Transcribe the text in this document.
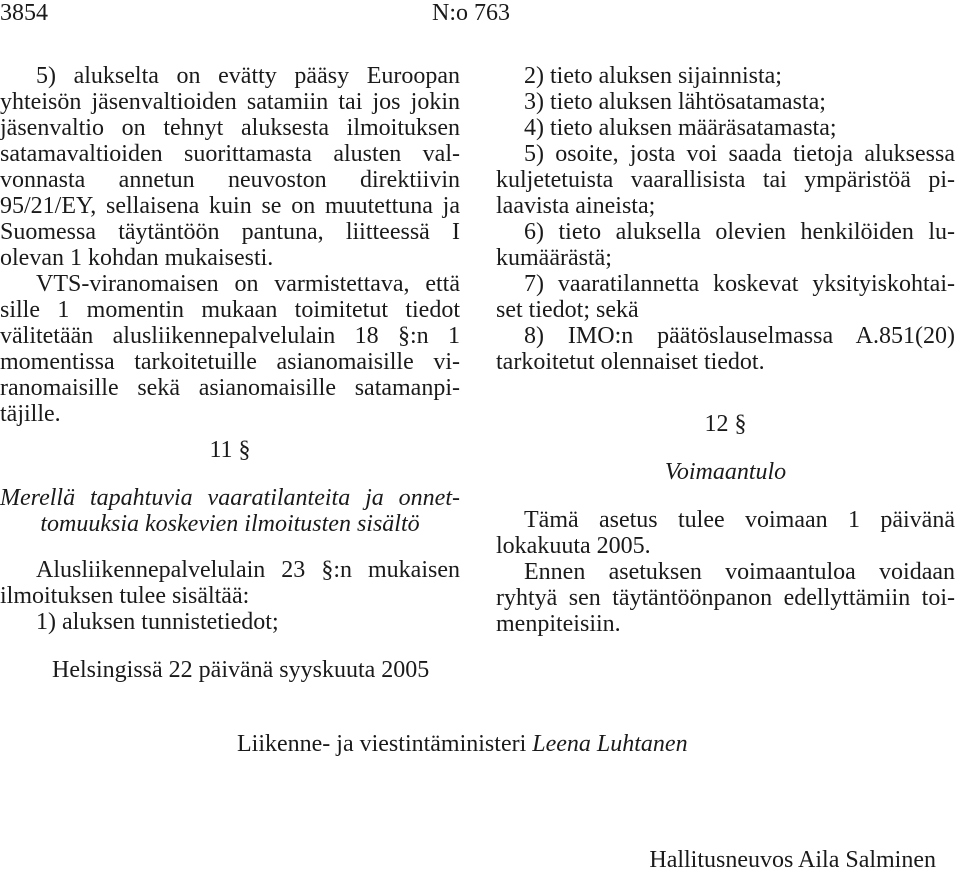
3854	N:o 763
5) alukselta on evätty pääsy Euroopan
yhteisön jäsenvaltioiden satamiin tai jos jokin
jäsenvaltio on tehnyt aluksesta ilmoituksen
satamavaltioiden suorittamasta alusten val-
vonnasta annetun neuvoston direktiivin
95/21/EY, sellaisena kuin se on muutettuna ja
Suomessa täytäntöön pantuna, liitteessä I
olevan 1 kohdan mukaisesti.
VTS-viranomaisen on varmistettava, että
sille 1 momentin mukaan toimitetut tiedot
välitetään alusliikennepalvelulain 18 §:n 1
momentissa tarkoitetuille asianomaisille vi-
ranomaisille sekä asianomaisille satamanpi-
täjille.
11 §
Merellä tapahtuvia vaaratilanteita ja onnet-
tomuuksia koskevien ilmoitusten sisältö
Alusliikennepalvelulain 23 §:n mukaisen
ilmoituksen tulee sisältää:
1) aluksen tunnistetiedot;
2) tieto aluksen sijainnista;
3) tieto aluksen lähtösatamasta;
4) tieto aluksen määräsatamasta;
5) osoite, josta voi saada tietoja aluksessa
kuljetetuista vaarallisista tai ympäristöä pi-
laavista aineista;
6) tieto aluksella olevien henkilöiden lu-
kumäärästä;
7) vaaratilannetta koskevat yksityiskohtai-
set tiedot; sekä
8) IMO:n päätöslauselmassa A.851(20)
tarkoitetut olennaiset tiedot.
12 §
Voimaantulo
Tämä asetus tulee voimaan 1 päivänä
lokakuuta 2005.
Ennen asetuksen voimaantuloa voidaan
ryhtyä sen täytäntöönpanon edellyttämiin toi-
menpiteisiin.
Helsingissä 22 päivänä syyskuuta 2005
Liikenne- ja viestintäministeri Leena Luhtanen
Hallitusneuvos Aila Salminen
